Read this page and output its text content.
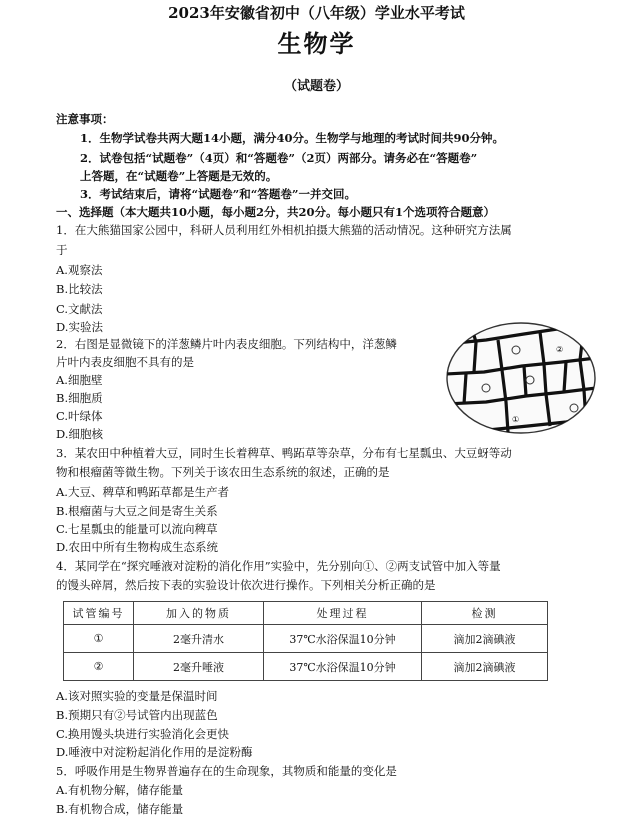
2023年安徽省初中（八年级）学业水平考试
生物学
（试题卷）
注意事项：
1．生物学试卷共两大题14小题，满分40分。生物学与地理的考试时间共90分钟。
2．试卷包括“试题卷”（4页）和“答题卷”（2页）两部分。请务必在“答题卷”
上答题，在“试题卷”上答题是无效的。
3．考试结束后，请将“试题卷”和“答题卷”一并交回。
一、选择题（本大题共10小题，每小题2分，共20分。每小题只有1个选项符合题意）
1．在大熊猫国家公园中，科研人员利用红外相机拍摄大熊猫的活动情况。这种研究方法属
于
A.观察法
B.比较法
C.文献法
D.实验法
2．右图是显微镜下的洋葱鳞片叶内表皮细胞。下列结构中，洋葱鳞
片叶内表皮细胞不具有的是
A.细胞壁
B.细胞质
C.叶绿体
D.细胞核
①
②
3．某农田中种植着大豆，同时生长着稗草、鸭跖草等杂草，分布有七星瓢虫、大豆蚜等动
物和根瘤菌等微生物。下列关于该农田生态系统的叙述，正确的是
A.大豆、稗草和鸭跖草都是生产者
B.根瘤菌与大豆之间是寄生关系
C.七星瓢虫的能量可以流向稗草
D.农田中所有生物构成生态系统
4．某同学在“探究唾液对淀粉的消化作用”实验中，先分别向①、②两支试管中加入等量
的馒头碎屑，然后按下表的实验设计依次进行操作。下列相关分析正确的是
试管编号	加入的物质	处理过程	检测
①	2毫升清水	37℃水浴保温10分钟	滴加2滴碘液
②	2毫升唾液	37℃水浴保温10分钟	滴加2滴碘液
A.该对照实验的变量是保温时间
B.预期只有②号试管内出现蓝色
C.换用馒头块进行实验消化会更快
D.唾液中对淀粉起消化作用的是淀粉酶
5．呼吸作用是生物界普遍存在的生命现象，其物质和能量的变化是
A.有机物分解，储存能量
B.有机物合成，储存能量
